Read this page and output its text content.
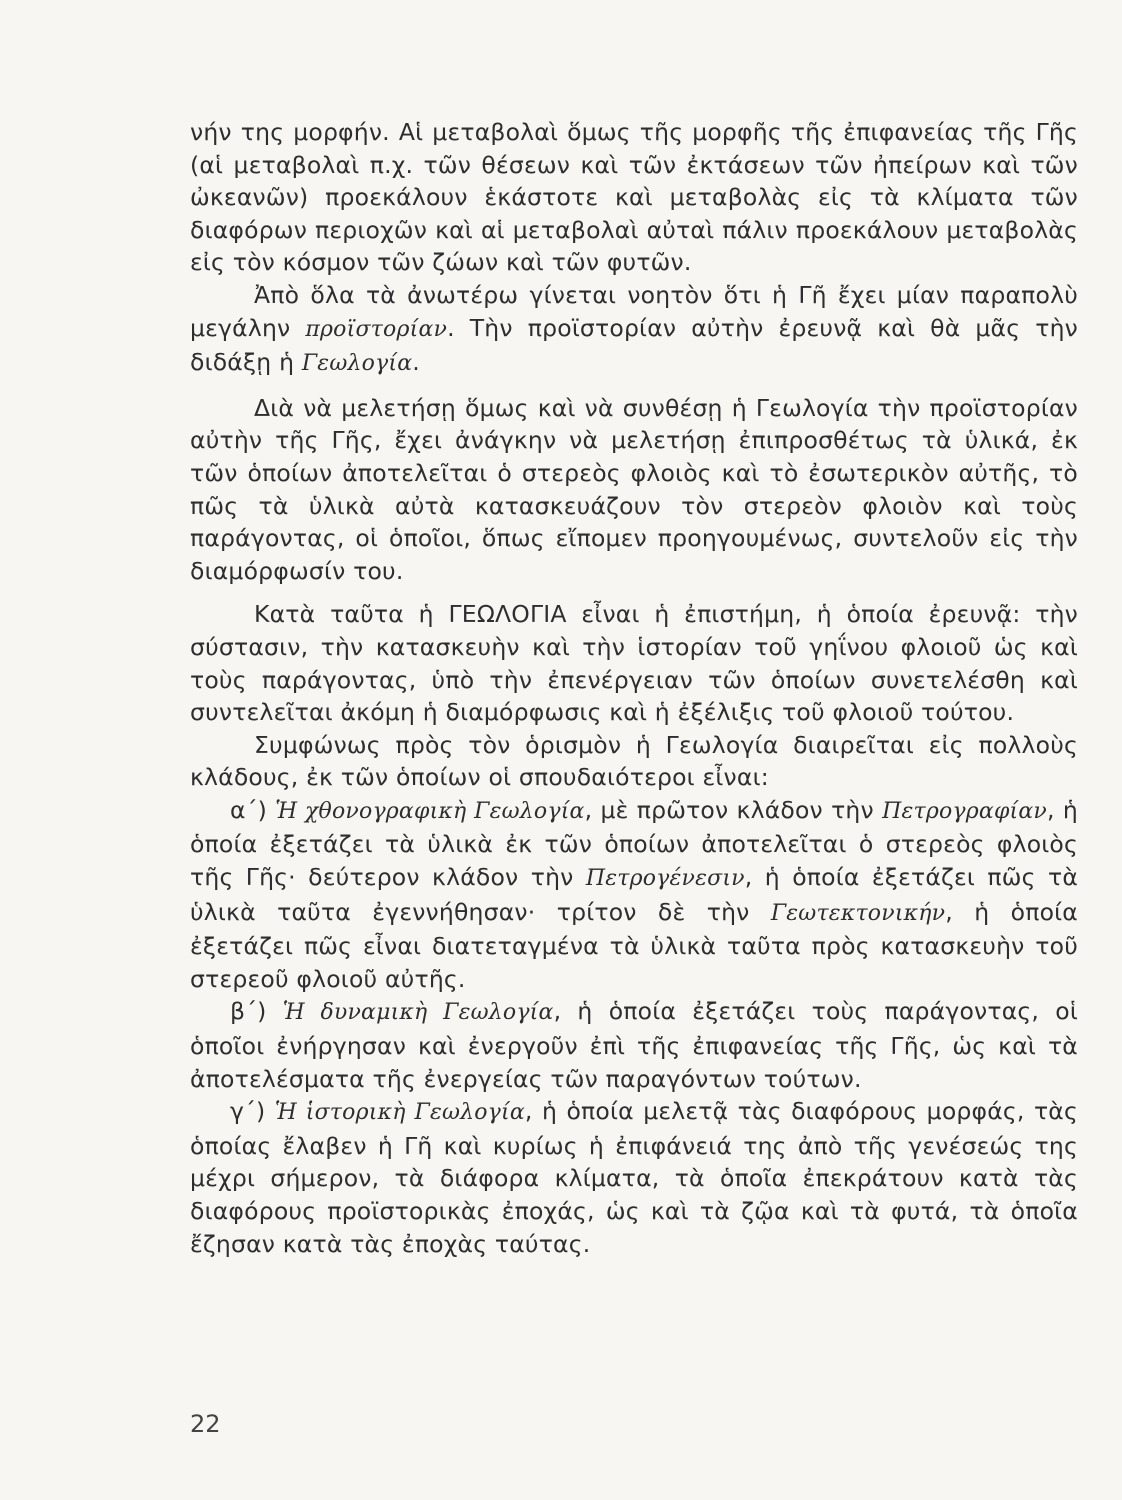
νήν της μορφήν. Αἱ μεταβολαὶ ὅμως τῆς μορφῆς τῆς ἐπιφανείας τῆς Γῆς (αἱ μεταβολαὶ π.χ. τῶν θέσεων καὶ τῶν ἐκτάσεων τῶν ἠπείρων καὶ τῶν ὠκεανῶν) προεκάλουν ἑκάστοτε καὶ μεταβολὰς εἰς τὰ κλίματα τῶν διαφόρων περιοχῶν καὶ αἱ μεταβολαὶ αὐταὶ πάλιν προεκάλουν μεταβολὰς εἰς τὸν κόσμον τῶν ζώων καὶ τῶν φυτῶν.

Ἀπὸ ὅλα τὰ ἀνωτέρω γίνεται νοητὸν ὅτι ἡ Γῆ ἔχει μίαν παραπολὺ μεγάλην προϊστορίαν. Τὴν προϊστορίαν αὐτὴν ἐρευνᾷ καὶ θὰ μᾶς τὴν διδάξῃ ἡ Γεωλογία.

Διὰ νὰ μελετήσῃ ὅμως καὶ νὰ συνθέσῃ ἡ Γεωλογία τὴν προϊστορίαν αὐτὴν τῆς Γῆς, ἔχει ἀνάγκην νὰ μελετήσῃ ἐπιπροσθέτως τὰ ὑλικά, ἐκ τῶν ὁποίων ἀποτελεῖται ὁ στερεὸς φλοιὸς καὶ τὸ ἐσωτερικὸν αὐτῆς, τὸ πῶς τὰ ὑλικὰ αὐτὰ κατασκευάζουν τὸν στερεὸν φλοιὸν καὶ τοὺς παράγοντας, οἱ ὁποῖοι, ὅπως εἴπομεν προηγουμένως, συντελοῦν εἰς τὴν διαμόρφωσίν του.

Κατὰ ταῦτα ἡ ΓΕΩΛΟΓΙΑ εἶναι ἡ ἐπιστήμη, ἡ ὁποία ἐρευνᾷ: τὴν σύστασιν, τὴν κατασκευὴν καὶ τὴν ἱστορίαν τοῦ γηΐνου φλοιοῦ ὡς καὶ τοὺς παράγοντας, ὑπὸ τὴν ἐπενέργειαν τῶν ὁποίων συνετελέσθη καὶ συντελεῖται ἀκόμη ἡ διαμόρφωσις καὶ ἡ ἐξέλιξις τοῦ φλοιοῦ τούτου.

Συμφώνως πρὸς τὸν ὁρισμὸν ἡ Γεωλογία διαιρεῖται εἰς πολλοὺς κλάδους, ἐκ τῶν ὁποίων οἱ σπουδαιότεροι εἶναι:

α΄) Ἡ χθονογραφικὴ Γεωλογία, μὲ πρῶτον κλάδον τὴν Πετρογραφίαν, ἡ ὁποία ἐξετάζει τὰ ὑλικὰ ἐκ τῶν ὁποίων ἀποτελεῖται ὁ στερεὸς φλοιὸς τῆς Γῆς· δεύτερον κλάδον τὴν Πετρογένεσιν, ἡ ὁποία ἐξετάζει πῶς τὰ ὑλικὰ ταῦτα ἐγεννήθησαν· τρίτον δὲ τὴν Γεωτεκτονικήν, ἡ ὁποία ἐξετάζει πῶς εἶναι διατεταγμένα τὰ ὑλικὰ ταῦτα πρὸς κατασκευὴν τοῦ στερεοῦ φλοιοῦ αὐτῆς.

β΄) Ἡ δυναμικὴ Γεωλογία, ἡ ὁποία ἐξετάζει τοὺς παράγοντας, οἱ ὁποῖοι ἐνήργησαν καὶ ἐνεργοῦν ἐπὶ τῆς ἐπιφανείας τῆς Γῆς, ὡς καὶ τὰ ἀποτελέσματα τῆς ἐνεργείας τῶν παραγόντων τούτων.

γ΄) Ἡ ἱστορικὴ Γεωλογία, ἡ ὁποία μελετᾷ τὰς διαφόρους μορφάς, τὰς ὁποίας ἔλαβεν ἡ Γῆ καὶ κυρίως ἡ ἐπιφάνειά της ἀπὸ τῆς γενέσεώς της μέχρι σήμερον, τὰ διάφορα κλίματα, τὰ ὁποῖα ἐπεκράτουν κατὰ τὰς διαφόρους προϊστορικὰς ἐποχάς, ὡς καὶ τὰ ζῷα καὶ τὰ φυτά, τὰ ὁποῖα ἔζησαν κατὰ τὰς ἐποχὰς ταύτας.

22
